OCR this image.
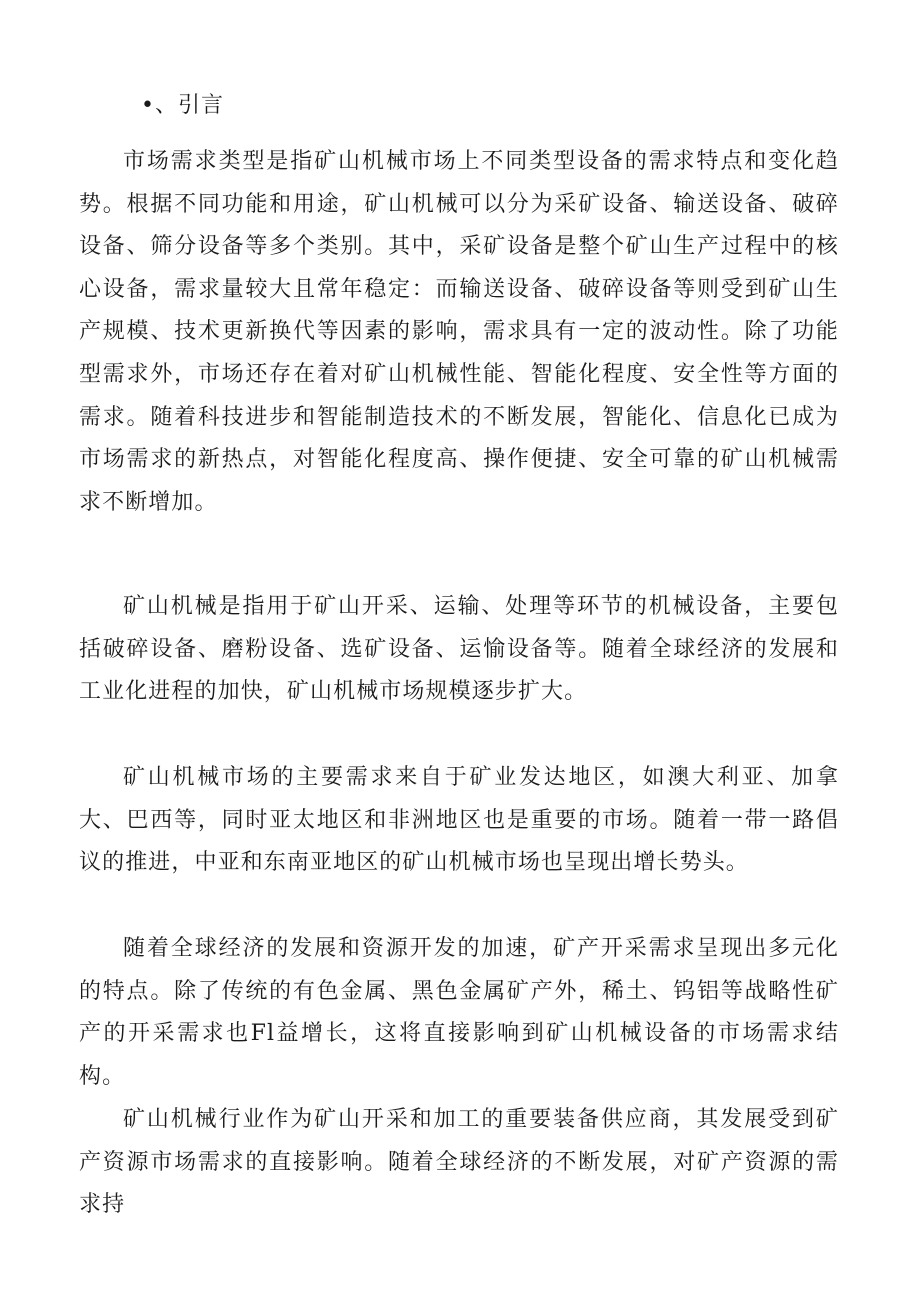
•、引言

市场需求类型是指矿山机械市场上不同类型设备的需求特点和变化趋势。根据不同功能和用途，矿山机械可以分为采矿设备、输送设备、破碎设备、筛分设备等多个类别。其中，采矿设备是整个矿山生产过程中的核心设备，需求量较大且常年稳定：而输送设备、破碎设备等则受到矿山生产规模、技术更新换代等因素的影响，需求具有一定的波动性。除了功能型需求外，市场还存在着对矿山机械性能、智能化程度、安全性等方面的需求。随着科技进步和智能制造技术的不断发展，智能化、信息化已成为市场需求的新热点，对智能化程度高、操作便捷、安全可靠的矿山机械需求不断增加。

矿山机械是指用于矿山开采、运输、处理等环节的机械设备，主要包括破碎设备、磨粉设备、选矿设备、运愉设备等。随着全球经济的发展和工业化进程的加快，矿山机械市场规模逐步扩大。

矿山机械市场的主要需求来自于矿业发达地区，如澳大利亚、加拿大、巴西等，同时亚太地区和非洲地区也是重要的市场。随着一带一路倡议的推进，中亚和东南亚地区的矿山机械市场也呈现出增长势头。

随着全球经济的发展和资源开发的加速，矿产开采需求呈现出多元化的特点。除了传统的有色金属、黑色金属矿产外，稀土、钨铝等战略性矿产的开采需求也Fl益增长，这将直接影响到矿山机械设备的市场需求结构。

矿山机械行业作为矿山开采和加工的重要装备供应商，其发展受到矿产资源市场需求的直接影响。随着全球经济的不断发展，对矿产资源的需求持
